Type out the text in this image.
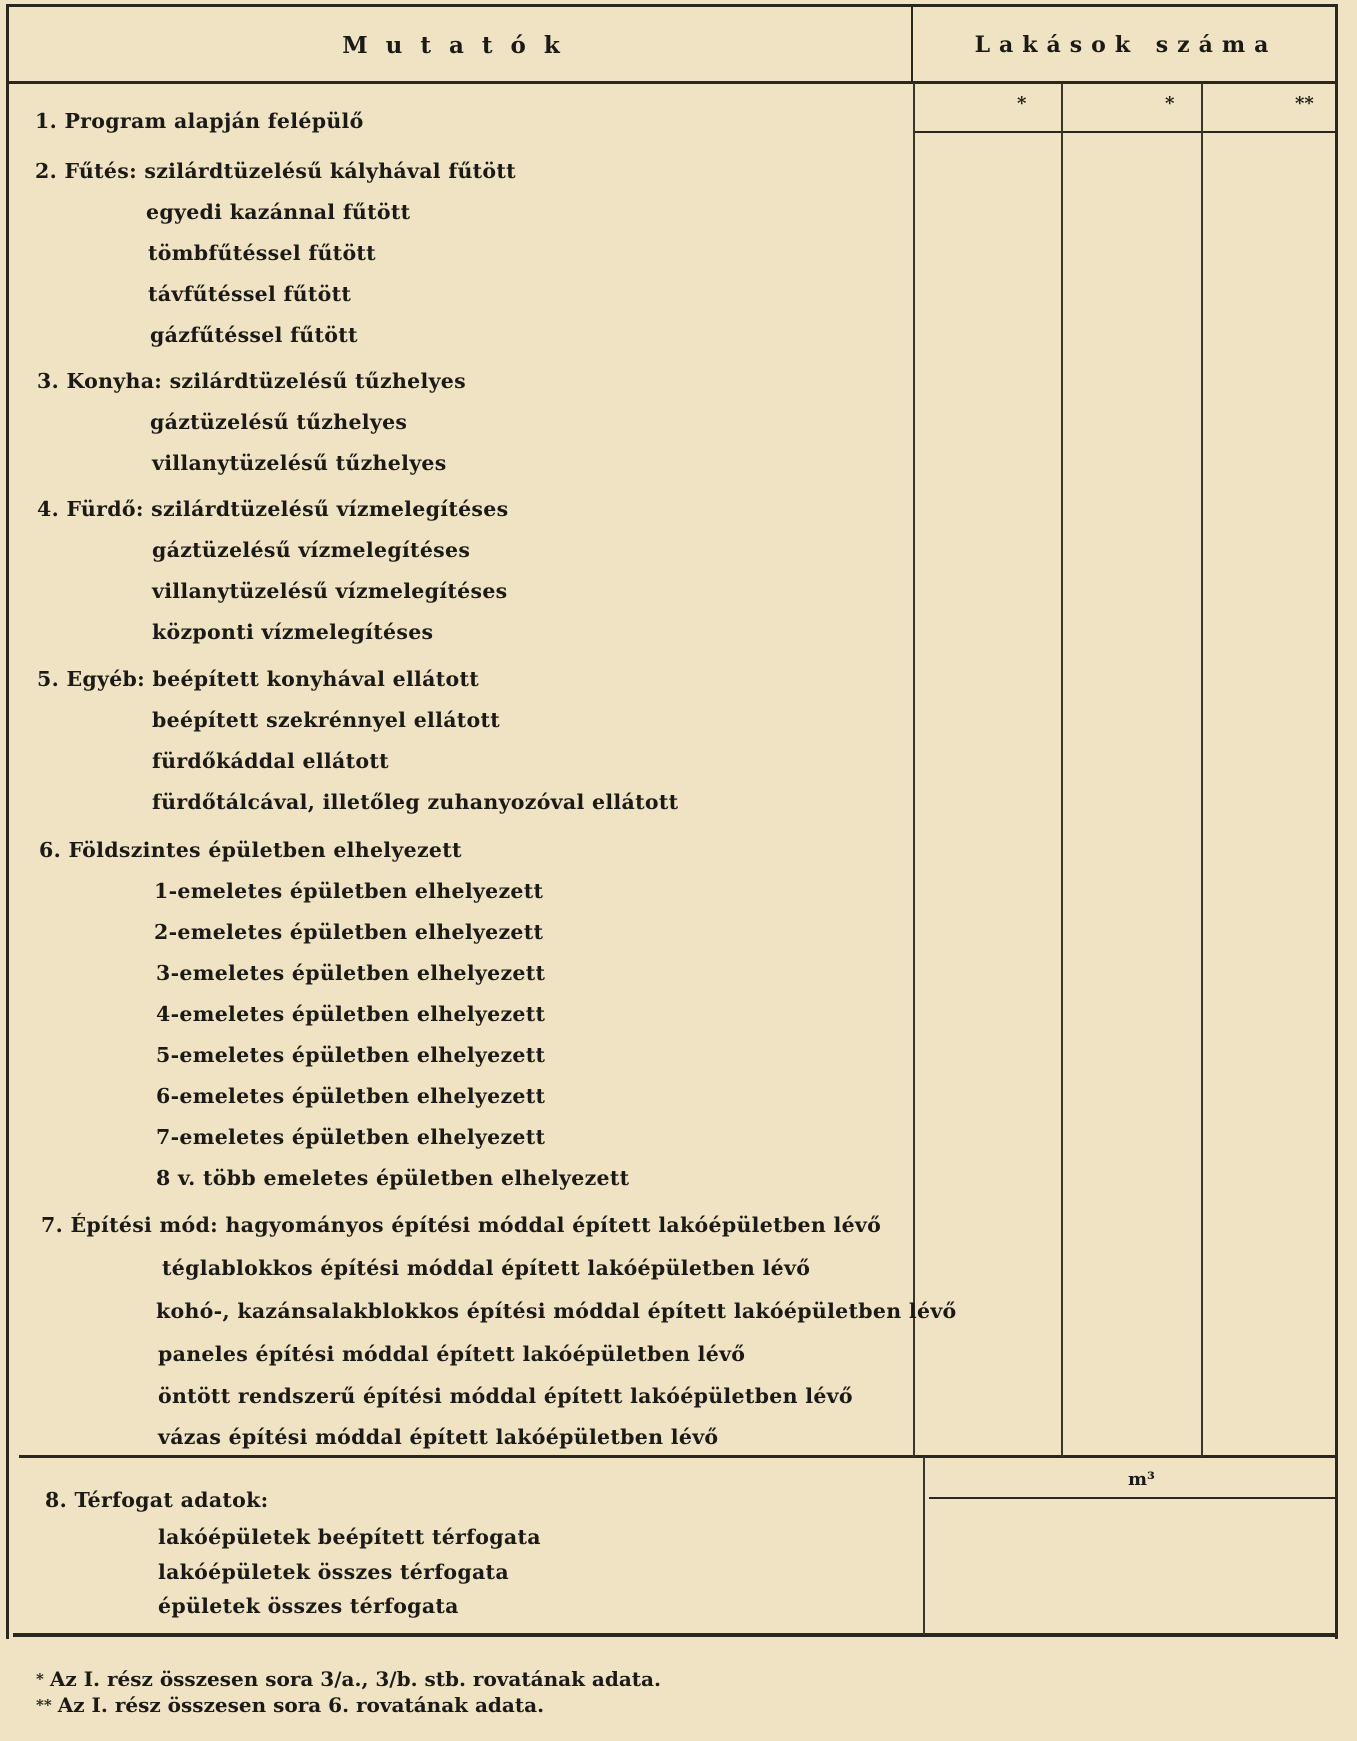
Mutatók	Lakások száma
*	*	**
1. Program alapján felépülő
2. Fűtés: szilárdtüzelésű kályhával fűtött
egyedi kazánnal fűtött
tömbfűtéssel fűtött
távfűtéssel fűtött
gázfűtéssel fűtött
3. Konyha: szilárdtüzelésű tűzhelyes
gáztüzelésű tűzhelyes
villanytüzelésű tűzhelyes
4. Fürdő: szilárdtüzelésű vízmelegítéses
gáztüzelésű vízmelegítéses
villanytüzelésű vízmelegítéses
központi vízmelegítéses
5. Egyéb: beépített konyhával ellátott
beépített szekrénnyel ellátott
fürdőkáddal ellátott
fürdőtálcával, illetőleg zuhanyozóval ellátott
6. Földszintes épületben elhelyezett
1-emeletes épületben elhelyezett
2-emeletes épületben elhelyezett
3-emeletes épületben elhelyezett
4-emeletes épületben elhelyezett
5-emeletes épületben elhelyezett
6-emeletes épületben elhelyezett
7-emeletes épületben elhelyezett
8 v. több emeletes épületben elhelyezett
7. Építési mód: hagyományos építési móddal épített lakóépületben lévő
téglablokkos építési móddal épített lakóépületben lévő
kohó-, kazánsalakblokkos építési móddal épített lakóépületben lévő
paneles építési móddal épített lakóépületben lévő
öntött rendszerű építési móddal épített lakóépületben lévő
vázas építési móddal épített lakóépületben lévő
8. Térfogat adatok:
lakóépületek beépített térfogata
lakóépületek összes térfogata
épületek összes térfogata
m³
* Az I. rész összesen sora 3/a., 3/b. stb. rovatának adata.
** Az I. rész összesen sora 6. rovatának adata.
